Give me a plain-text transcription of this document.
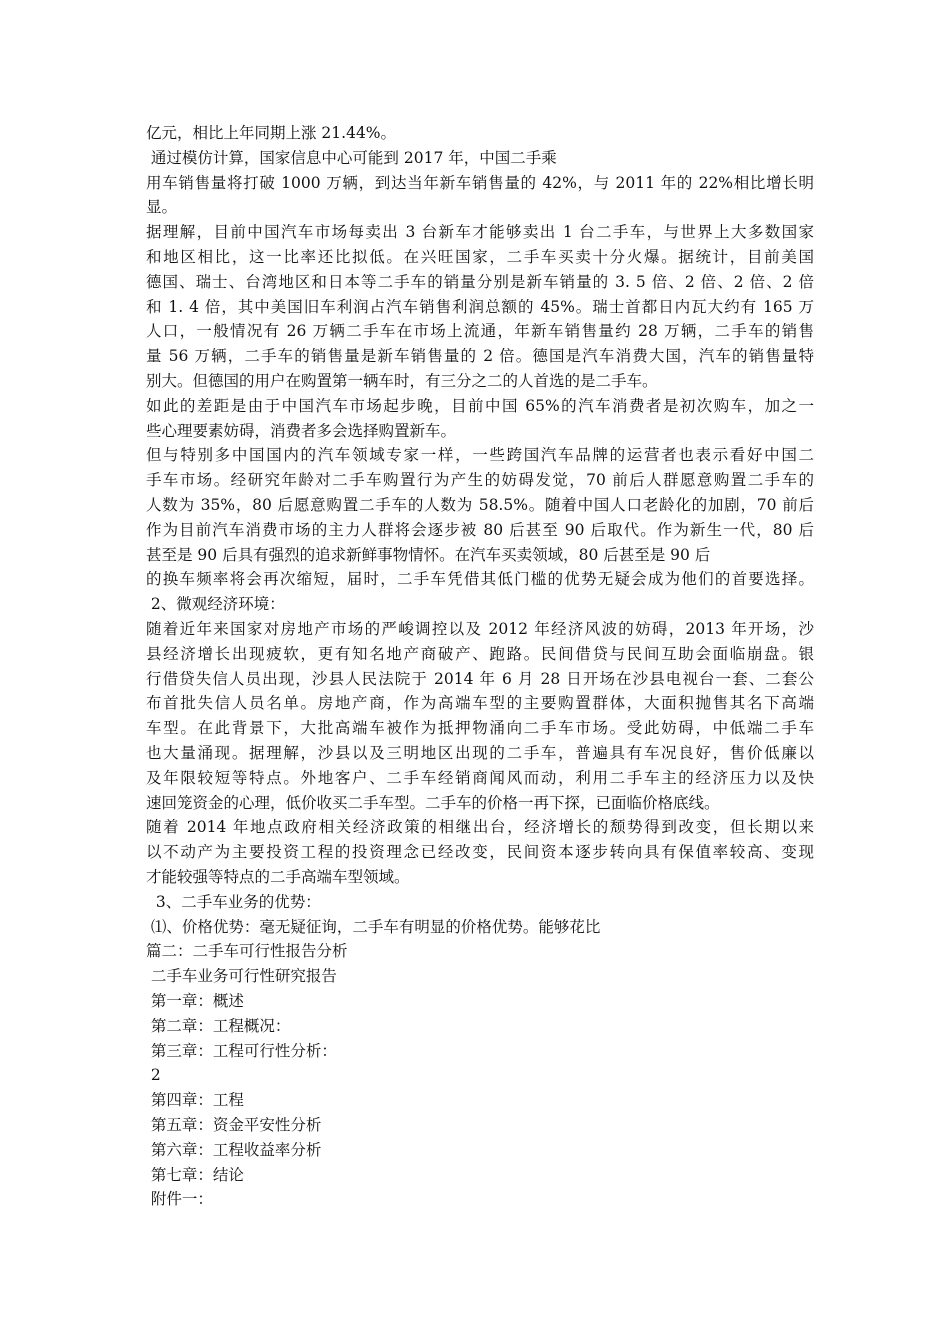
亿元，相比上年同期上涨 21.44%。
通过模仿计算，国家信息中心可能到 2017 年，中国二手乘
用车销售量将打破 1000 万辆，到达当年新车销售量的 42%，与 2011 年的 22%相比增长明
显。
据理解，目前中国汽车市场每卖出 3 台新车才能够卖出 1 台二手车，与世界上大多数国家
和地区相比，这一比率还比拟低。在兴旺国家，二手车买卖十分火爆。据统计，目前美国
德国、瑞士、台湾地区和日本等二手车的销量分别是新车销量的 3. 5 倍、2 倍、2 倍、2 倍
和 1. 4 倍，其中美国旧车利润占汽车销售利润总额的 45%。瑞士首都日内瓦大约有 165 万
人口，一般情况有 26 万辆二手车在市场上流通，年新车销售量约 28 万辆，二手车的销售
量 56 万辆，二手车的销售量是新车销售量的 2 倍。德国是汽车消费大国，汽车的销售量特
别大。但德国的用户在购置第一辆车时，有三分之二的人首选的是二手车。
如此的差距是由于中国汽车市场起步晚，目前中国 65%的汽车消费者是初次购车，加之一
些心理要素妨碍，消费者多会选择购置新车。
但与特别多中国国内的汽车领域专家一样，一些跨国汽车品牌的运营者也表示看好中国二
手车市场。经研究年龄对二手车购置行为产生的妨碍发觉，70 前后人群愿意购置二手车的
人数为 35%，80 后愿意购置二手车的人数为 58.5%。随着中国人口老龄化的加剧，70 前后
作为目前汽车消费市场的主力人群将会逐步被 80 后甚至 90 后取代。作为新生一代，80 后
甚至是 90 后具有强烈的追求新鲜事物情怀。在汽车买卖领域，80 后甚至是 90 后
的换车频率将会再次缩短，届时，二手车凭借其低门槛的优势无疑会成为他们的首要选择。
2、微观经济环境：
随着近年来国家对房地产市场的严峻调控以及 2012 年经济风波的妨碍，2013 年开场，沙
县经济增长出现疲软，更有知名地产商破产、跑路。民间借贷与民间互助会面临崩盘。银
行借贷失信人员出现，沙县人民法院于 2014 年 6 月 28 日开场在沙县电视台一套、二套公
布首批失信人员名单。房地产商，作为高端车型的主要购置群体，大面积抛售其名下高端
车型。在此背景下，大批高端车被作为抵押物涌向二手车市场。受此妨碍，中低端二手车
也大量涌现。据理解，沙县以及三明地区出现的二手车，普遍具有车况良好，售价低廉以
及年限较短等特点。外地客户、二手车经销商闻风而动，利用二手车主的经济压力以及快
速回笼资金的心理，低价收买二手车型。二手车的价格一再下探，已面临价格底线。
随着 2014 年地点政府相关经济政策的相继出台，经济增长的颓势得到改变，但长期以来
以不动产为主要投资工程的投资理念已经改变，民间资本逐步转向具有保值率较高、变现
才能较强等特点的二手高端车型领域。
3、二手车业务的优势：
⑴、价格优势：毫无疑征询，二手车有明显的价格优势。能够花比
篇二：二手车可行性报告分析
二手车业务可行性研究报告
第一章：概述
第二章：工程概况：
第三章：工程可行性分析：
2
第四章：工程
第五章：资金平安性分析
第六章：工程收益率分析
第七章：结论
附件一：
